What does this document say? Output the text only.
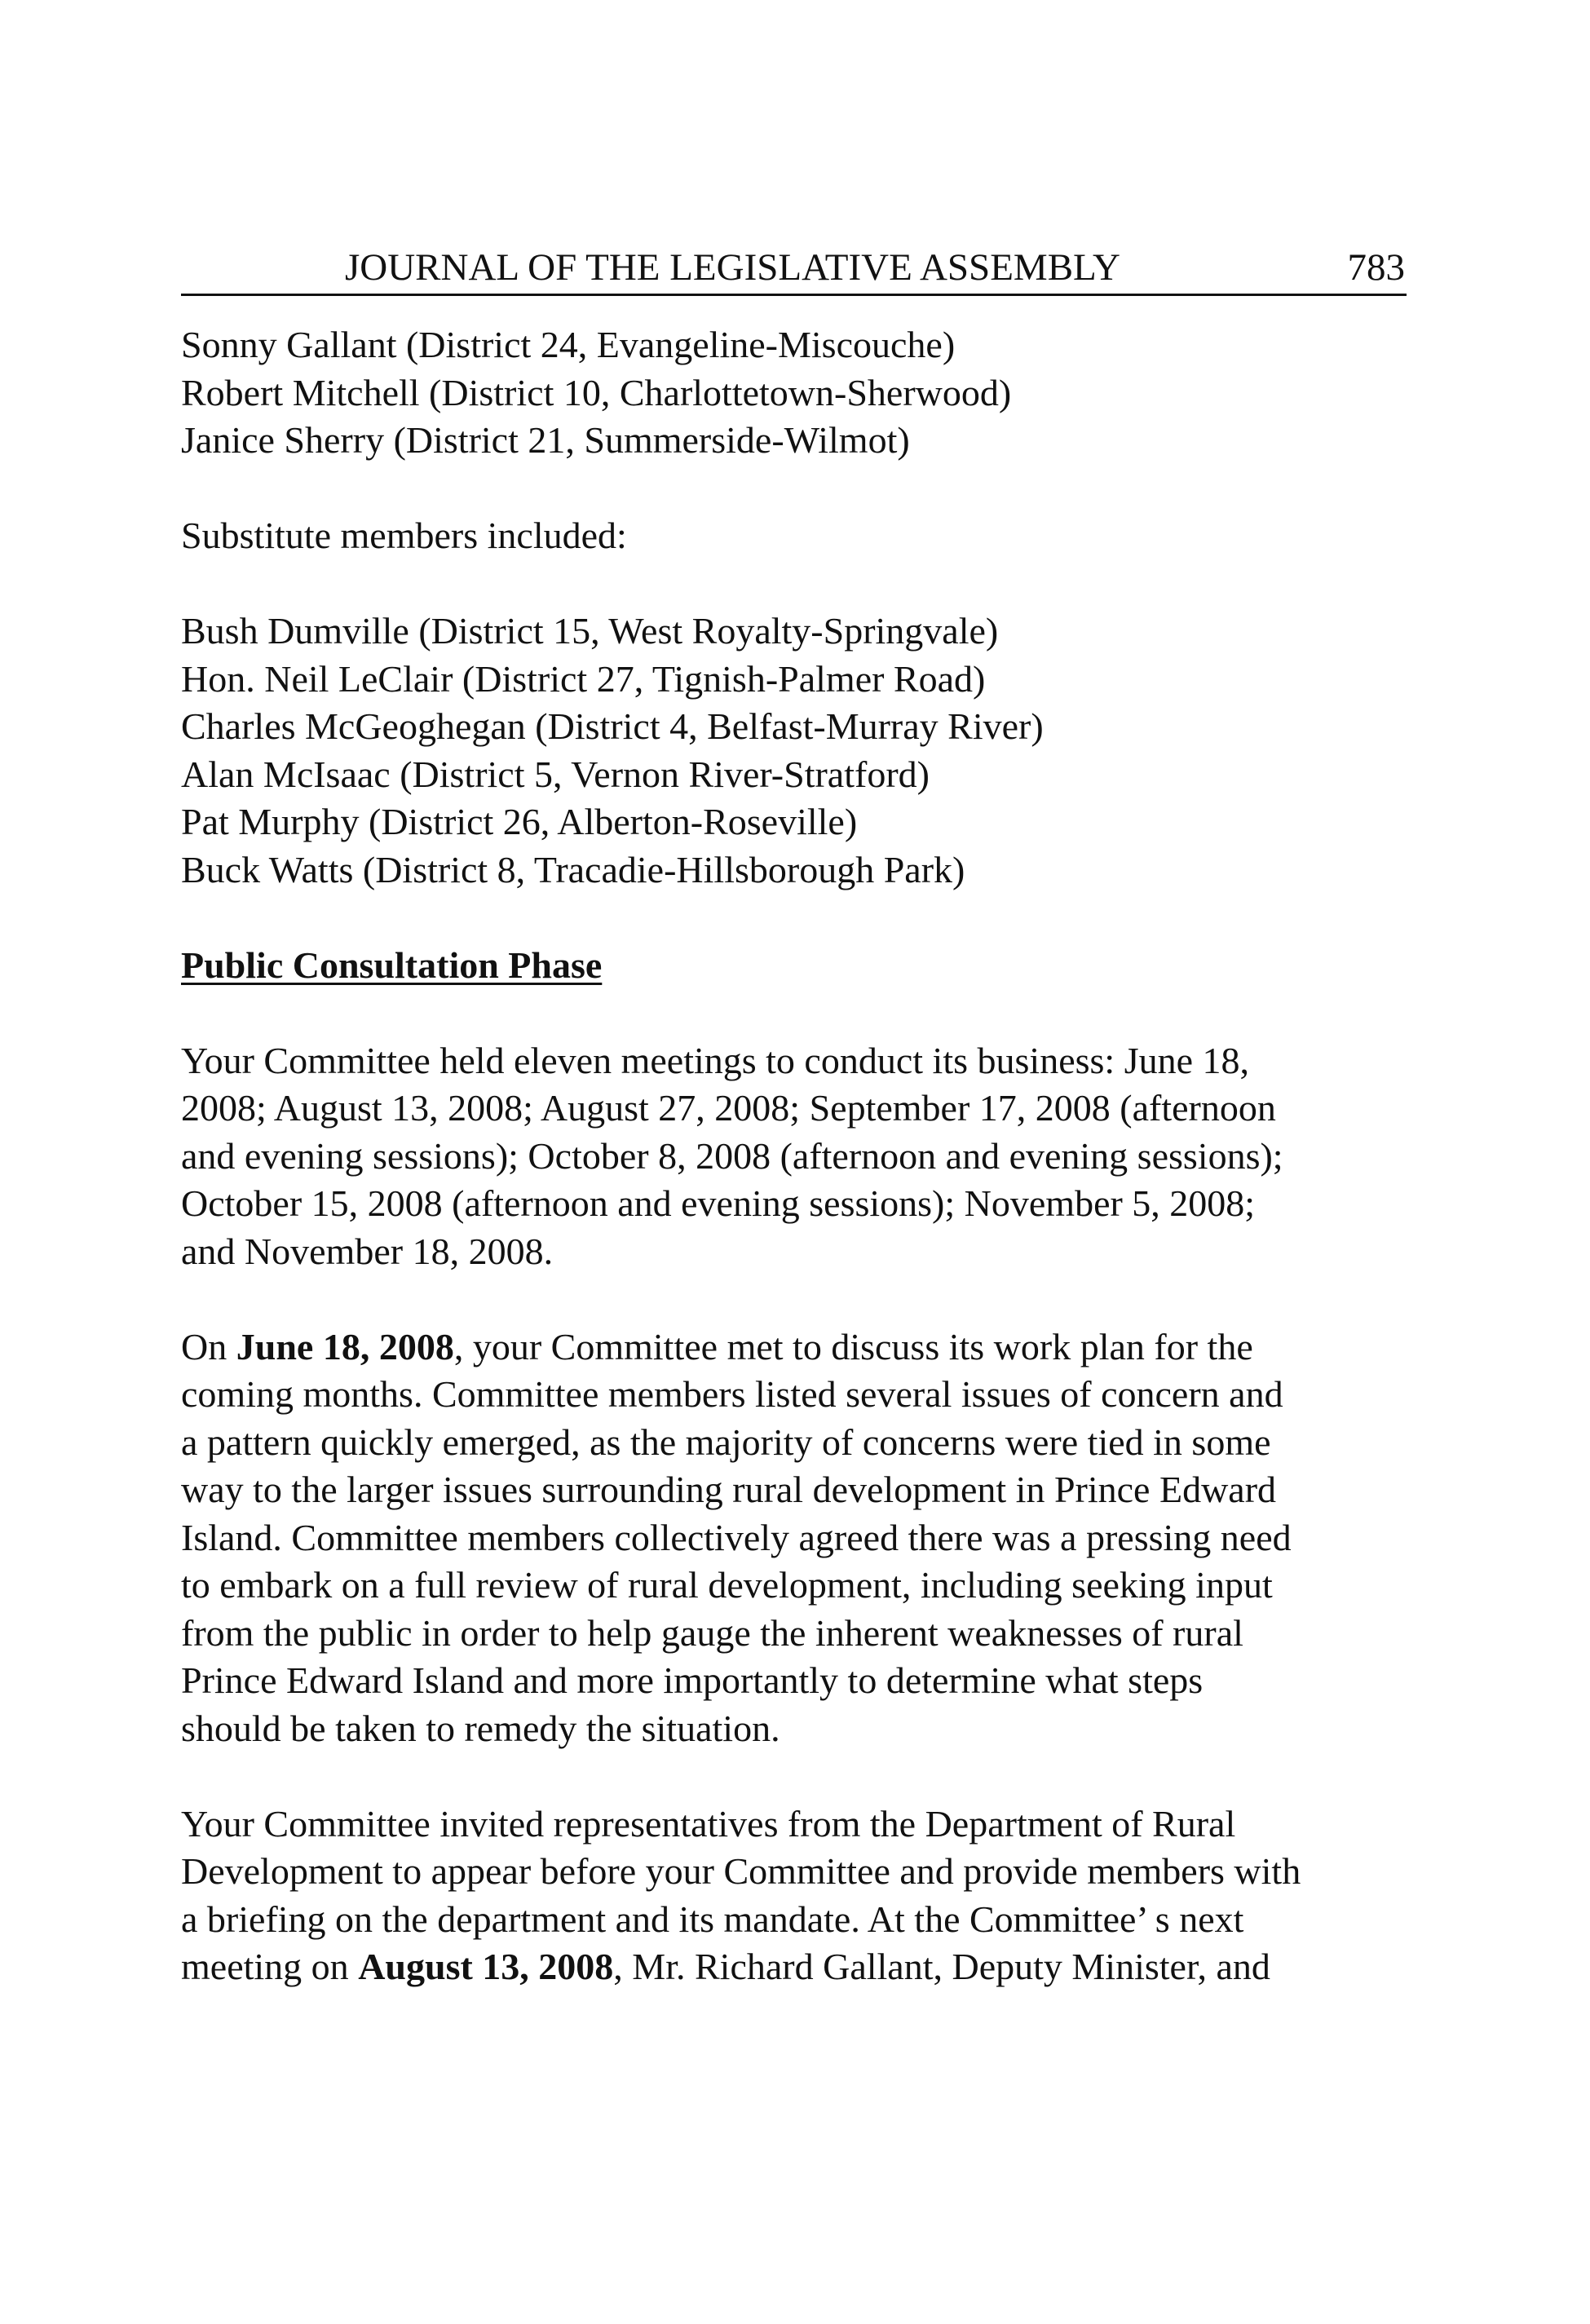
JOURNAL OF THE LEGISLATIVE ASSEMBLY	783
Sonny Gallant (District 24, Evangeline-Miscouche)
Robert Mitchell (District 10, Charlottetown-Sherwood)
Janice Sherry (District 21, Summerside-Wilmot)
Substitute members included:
Bush Dumville (District 15, West Royalty-Springvale)
Hon. Neil LeClair (District 27, Tignish-Palmer Road)
Charles McGeoghegan (District 4, Belfast-Murray River)
Alan McIsaac (District 5, Vernon River-Stratford)
Pat Murphy (District 26, Alberton-Roseville)
Buck Watts (District 8, Tracadie-Hillsborough Park)
Public Consultation Phase
Your Committee held eleven meetings to conduct its business: June 18,
2008; August 13, 2008; August 27, 2008; September 17, 2008 (afternoon
and evening sessions); October 8, 2008 (afternoon and evening sessions);
October 15, 2008 (afternoon and evening sessions); November 5, 2008;
and November 18, 2008.
On June 18, 2008, your Committee met to discuss its work plan for the
coming months. Committee members listed several issues of concern and
a pattern quickly emerged, as the majority of concerns were tied in some
way to the larger issues surrounding rural development in Prince Edward
Island. Committee members collectively agreed there was a pressing need
to embark on a full review of rural development, including seeking input
from the public in order to help gauge the inherent weaknesses of rural
Prince Edward Island and more importantly to determine what steps
should be taken to remedy the situation.
Your Committee invited representatives from the Department of Rural
Development to appear before your Committee and provide members with
a briefing on the department and its mandate. At the Committee’ s next
meeting on August 13, 2008, Mr. Richard Gallant, Deputy Minister, and
